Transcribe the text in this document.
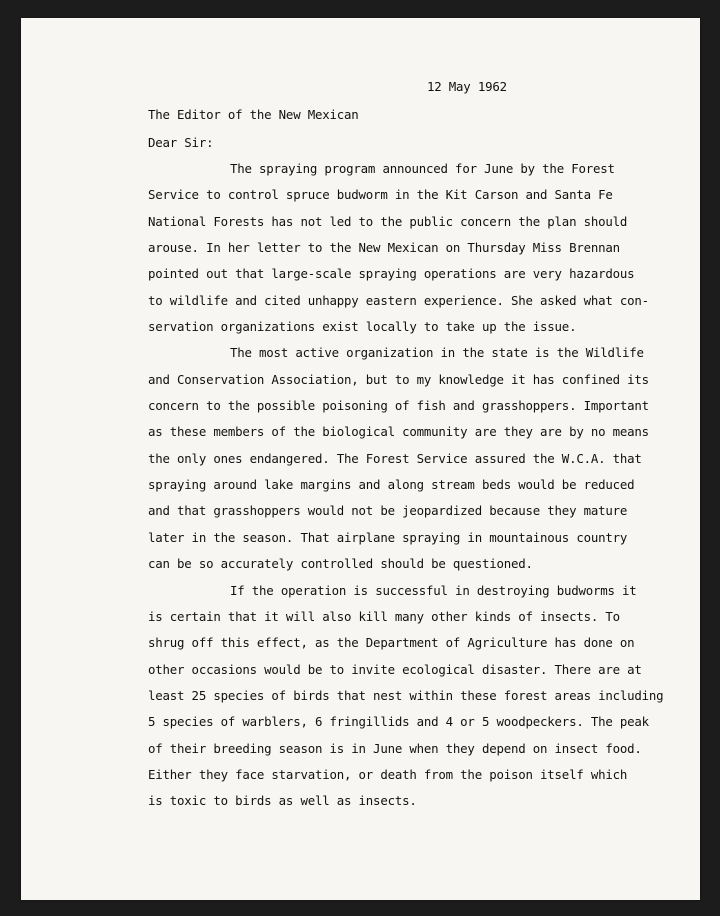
12 May 1962
The Editor of the New Mexican
Dear Sir:
The spraying program announced for June by the Forest
Service to control spruce budworm in the Kit Carson and Santa Fe
National Forests has not led to the public concern the plan should
arouse. In her letter to the New Mexican on Thursday Miss Brennan
pointed out that large-scale spraying operations are very hazardous
to wildlife and cited unhappy eastern experience. She asked what con-
servation organizations exist locally to take up the issue.
The most active organization in the state is the Wildlife
and Conservation Association, but to my knowledge it has confined its
concern to the possible poisoning of fish and grasshoppers. Important
as these members of the biological community are they are by no means
the only ones endangered. The Forest Service assured the W.C.A. that
spraying around lake margins and along stream beds would be reduced
and that grasshoppers would not be jeopardized because they mature
later in the season. That airplane spraying in mountainous country
can be so accurately controlled should be questioned.
If the operation is successful in destroying budworms it
is certain that it will also kill many other kinds of insects. To
shrug off this effect, as the Department of Agriculture has done on
other occasions would be to invite ecological disaster. There are at
least 25 species of birds that nest within these forest areas including
5 species of warblers, 6 fringillids and 4 or 5 woodpeckers. The peak
of their breeding season is in June when they depend on insect food.
Either they face starvation, or death from the poison itself which
is toxic to birds as well as insects.
